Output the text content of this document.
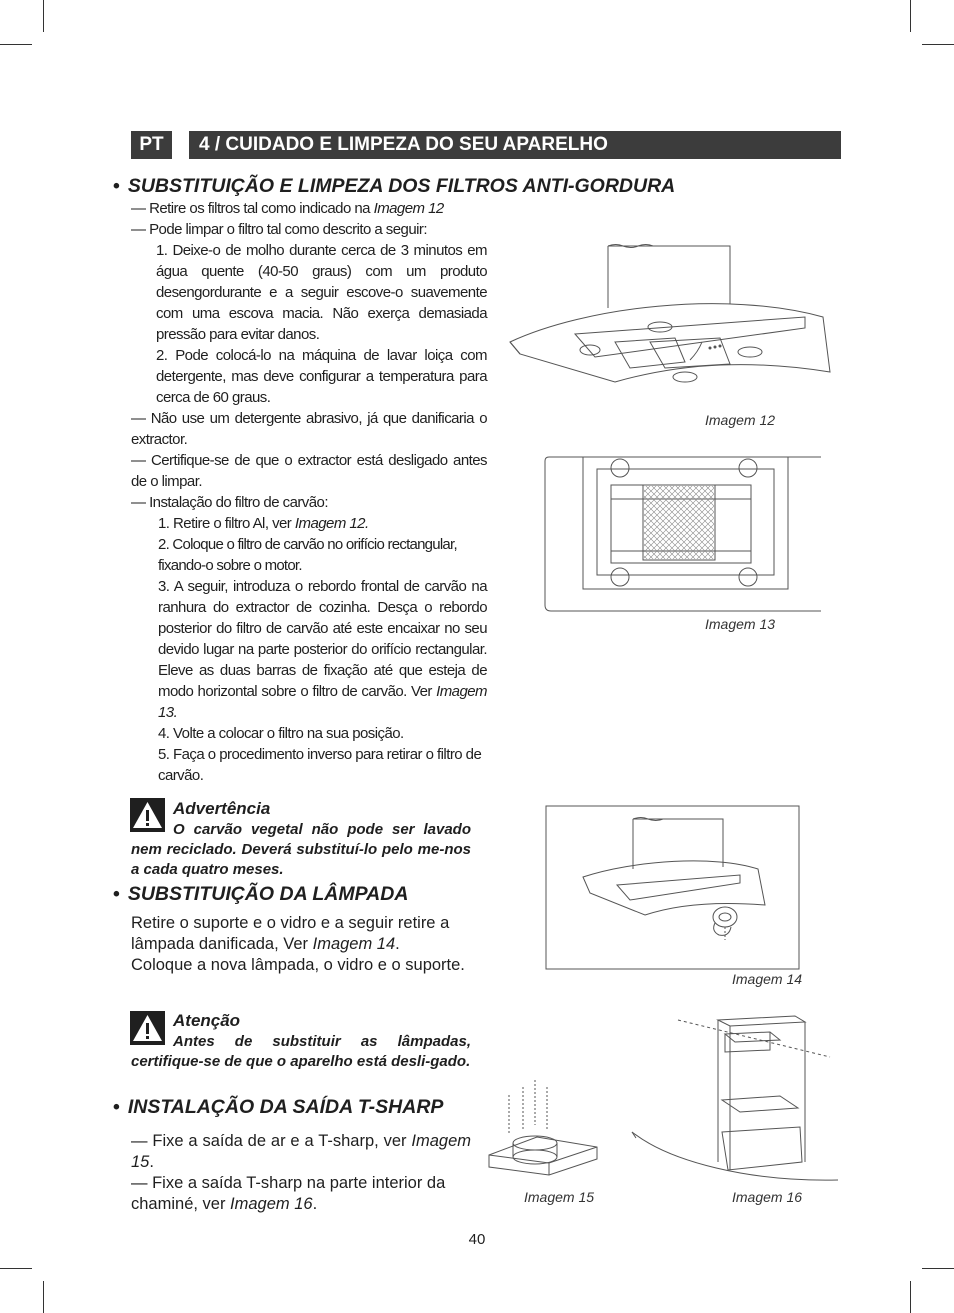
PT	4 / CUIDADO E LIMPEZA DO SEU APARELHO
• SUBSTITUIÇÃO E LIMPEZA DOS FILTROS ANTI-GORDURA
— Retire os filtros tal como indicado na Imagem 12
— Pode limpar o filtro tal como descrito a seguir:
1. Deixe-o de molho durante cerca de 3 minutos em água quente (40-50 graus) com um produto desengordurante e a seguir escove-o suavemente com uma escova macia. Não exerça demasiada pressão para evitar danos.
2. Pode colocá-lo na máquina de lavar loiça com detergente, mas deve configurar a temperatura para cerca de 60 graus.
— Não use um detergente abrasivo, já que danificaria o extractor.
— Certifique-se de que o extractor está desligado antes de o limpar.
— Instalação do filtro de carvão:
1. Retire o filtro Al, ver Imagem 12.
2. Coloque o filtro de carvão no orifício rectangular, fixando-o sobre o motor.
3. A seguir, introduza o rebordo frontal de carvão na ranhura do extractor de cozinha. Desça o rebordo posterior do filtro de carvão até este encaixar no seu devido lugar na parte posterior do orifício rectangular. Eleve as duas barras de fixação até que esteja de modo horizontal sobre o filtro de carvão. Ver Imagem 13.
4. Volte a colocar o filtro na sua posição.
5. Faça o procedimento inverso para retirar o filtro de carvão.
Advertência
O carvão vegetal não pode ser lavado nem reciclado. Deverá substituí-lo pelo me-nos a cada quatro meses.
• SUBSTITUIÇÃO DA LÂMPADA
Retire o suporte e o vidro e a seguir retire a lâmpada danificada, Ver Imagem 14.
Coloque a nova lâmpada, o vidro e o suporte.
Atenção
Antes de substituir as lâmpadas, certifique-se de que o aparelho está desli-gado.
• INSTALAÇÃO DA SAÍDA T-SHARP
— Fixe a saída de ar e a T-sharp, ver Imagem 15.
— Fixe a saída T-sharp na parte interior da chaminé, ver Imagem 16.
Imagem 12
Imagem 13
Imagem 14
Imagem 15	Imagem 16
40
